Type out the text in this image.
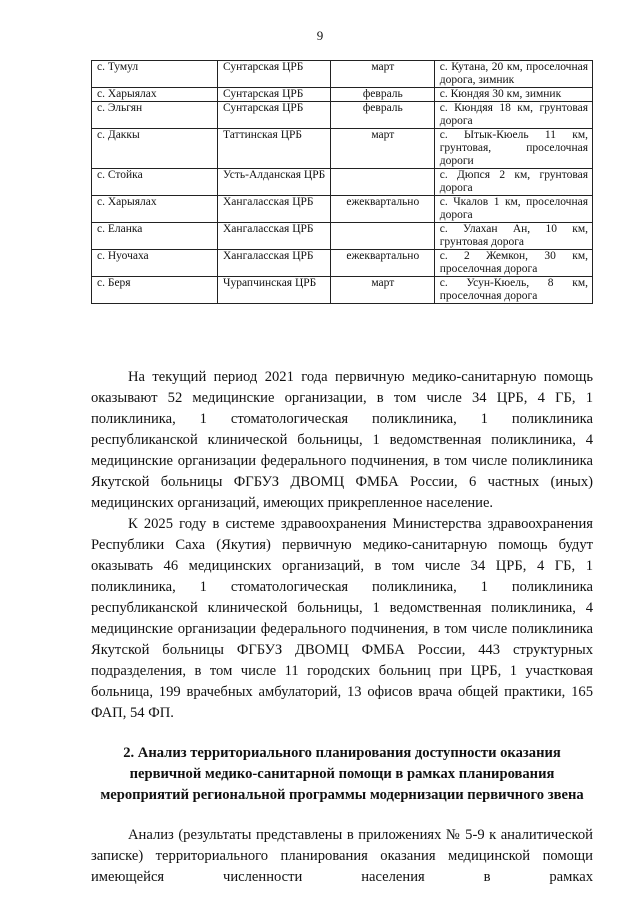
9
с. Тумул	Сунтарская ЦРБ	март	с. Кутана, 20 км, проселочная дорога, зимник
с. Харыялах	Сунтарская ЦРБ	февраль	с. Кюндяя 30 км, зимник
с. Эльгян	Сунтарская ЦРБ	февраль	с. Кюндяя 18 км, грунтовая дорога
с. Даккы	Таттинская ЦРБ	март	с. Ытык-Кюель 11 км, грунтовая, проселочная дороги
с. Стойка	Усть-Алданская ЦРБ		с. Дюпся 2 км, грунтовая дорога
с. Харыялах	Хангаласская ЦРБ	ежеквартально	с. Чкалов 1 км, проселочная дорога
с. Еланка	Хангаласская ЦРБ		с. Улахан Ан, 10 км, грунтовая дорога
с. Нуочаха	Хангаласская ЦРБ	ежеквартально	с. 2 Жемкон, 30 км, проселочная дорога
с. Беря	Чурапчинская ЦРБ	март	с. Усун-Кюель, 8 км, проселочная дорога

На текущий период 2021 года первичную медико-санитарную помощь оказывают 52 медицинские организации, в том числе 34 ЦРБ, 4 ГБ, 1 поликлиника, 1 стоматологическая поликлиника, 1 поликлиника республиканской клинической больницы, 1 ведомственная поликлиника, 4 медицинские организации федерального подчинения, в том числе поликлиника Якутской больницы ФГБУЗ ДВОМЦ ФМБА России, 6 частных (иных) медицинских организаций, имеющих прикрепленное население.

К 2025 году в системе здравоохранения Министерства здравоохранения Республики Саха (Якутия) первичную медико-санитарную помощь будут оказывать 46 медицинских организаций, в том числе 34 ЦРБ, 4 ГБ, 1 поликлиника, 1 стоматологическая поликлиника, 1 поликлиника республиканской клинической больницы, 1 ведомственная поликлиника, 4 медицинские организации федерального подчинения, в том числе поликлиника Якутской больницы ФГБУЗ ДВОМЦ ФМБА России, 443 структурных подразделения, в том числе 11 городских больниц при ЦРБ, 1 участковая больница, 199 врачебных амбулаторий, 13 офисов врача общей практики, 165 ФАП, 54 ФП.

2. Анализ территориального планирования доступности оказания первичной медико-санитарной помощи в рамках планирования мероприятий региональной программы модернизации первичного звена

Анализ (результаты представлены в приложениях № 5-9 к аналитической записке) территориального планирования оказания медицинской помощи имеющейся численности населения в рамках
